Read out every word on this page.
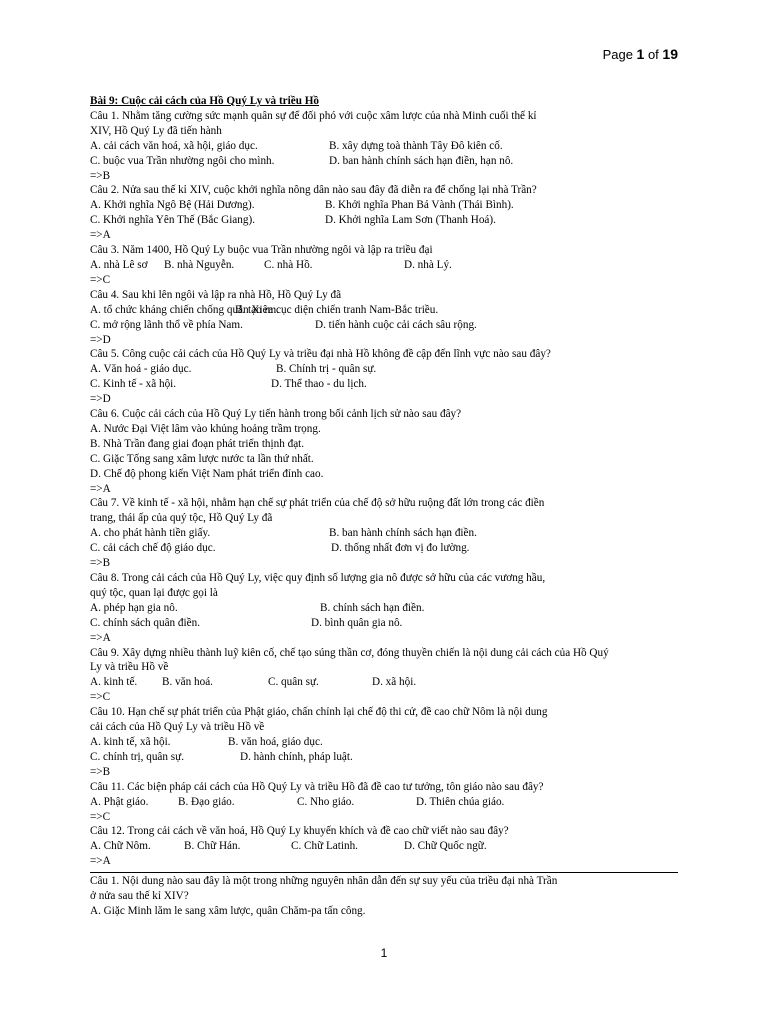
Page 1 of 19
Bài 9: Cuộc cải cách của Hồ Quý Ly và triều Hồ
Câu 1. Nhằm tăng cường sức mạnh quân sự để đối phó với cuộc xâm lược của nhà Minh cuối thế kỉ
XIV, Hồ Quý Ly đã tiến hành
A. cải cách văn hoá, xã hội, giáo dục.	B. xây dựng toà thành Tây Đô kiên cố.
C. buộc vua Trần nhường ngôi cho mình.	D. ban hành chính sách hạn điền, hạn nô.
=>B
Câu 2. Nửa sau thế kỉ XIV, cuộc khởi nghĩa nông dân nào sau đây đã diễn ra để chống lại nhà Trần?
A. Khởi nghĩa Ngô Bệ (Hải Dương).	B. Khởi nghĩa Phan Bá Vành (Thái Bình).
C. Khởi nghĩa Yên Thế (Bắc Giang).	D. Khởi nghĩa Lam Sơn (Thanh Hoá).
=>A
Câu 3. Năm 1400, Hồ Quý Ly buộc vua Trần nhường ngôi và lập ra triều đại
A. nhà Lê sơ B. nhà Nguyễn.	C. nhà Hồ.	D. nhà Lý.
=>C
Câu 4. Sau khi lên ngôi và lập ra nhà Hồ, Hồ Quý Ly đã
A. tổ chức kháng chiến chống quân Xiêm.B. tạo ra cục diện chiến tranh Nam-Bắc triều.
C. mở rộng lãnh thổ về phía Nam.	D. tiến hành cuộc cải cách sâu rộng.
=>D
Câu 5. Công cuộc cải cách của Hồ Quý Ly và triều đại nhà Hồ không đề cập đến lĩnh vực nào sau đây?
A. Văn hoá - giáo dục.	B. Chính trị - quân sự.
C. Kinh tế - xã hội.	D. Thể thao - du lịch.
=>D
Câu 6. Cuộc cải cách của Hồ Quý Ly tiến hành trong bối cảnh lịch sử nào sau đây?
A. Nước Đại Việt lâm vào khủng hoảng trầm trọng.
B. Nhà Trần đang giai đoạn phát triển thịnh đạt.
C. Giặc Tống sang xâm lược nước ta lần thứ nhất.
D. Chế độ phong kiến Việt Nam phát triển đỉnh cao.
=>A
Câu 7. Về kinh tế - xã hội, nhằm hạn chế sự phát triển của chế độ sở hữu ruộng đất lớn trong các điền
trang, thái ấp của quý tộc, Hồ Quý Ly đã
A. cho phát hành tiền giấy.	B. ban hành chính sách hạn điền.
C. cải cách chế độ giáo dục.	D. thống nhất đơn vị đo lường.
=>B
Câu 8. Trong cải cách của Hồ Quý Ly, việc quy định số lượng gia nô được sở hữu của các vương hầu,
quý tộc, quan lại được gọi là
A. phép hạn gia nô.	B. chính sách hạn điền.
C. chính sách quân điền.	D. bình quân gia nô.
=>A
Câu 9. Xây dựng nhiều thành luỹ kiên cố, chế tạo súng thần cơ, đóng thuyền chiến là nội dung cải cách của Hồ Quý
Ly và triều Hồ về
A. kinh tế. B. văn hoá.	C. quân sự.	D. xã hội.
=>C
Câu 10. Hạn chế sự phát triển của Phật giáo, chấn chỉnh lại chế độ thi cử, đề cao chữ Nôm là nội dung
cải cách của Hồ Quý Ly và triều Hồ về
A. kinh tế, xã hội.	B. văn hoá, giáo dục.
C. chính trị, quân sự.	D. hành chính, pháp luật.
=>B
Câu 11. Các biện pháp cải cách của Hồ Quý Ly và triều Hồ đã đề cao tư tưởng, tôn giáo nào sau đây?
A. Phật giáo.	B. Đạo giáo.	C. Nho giáo.	D. Thiên chúa giáo.
=>C
Câu 12. Trong cải cách về văn hoá, Hồ Quý Ly khuyến khích và đề cao chữ viết nào sau đây?
A. Chữ Nôm.	B. Chữ Hán.	C. Chữ Latinh.	D. Chữ Quốc ngữ.
=>A
Câu 1. Nội dung nào sau đây là một trong những nguyên nhân dẫn đến sự suy yếu của triều đại nhà Trần
ở nửa sau thế kỉ XIV?
A. Giặc Minh lăm le sang xâm lược, quân Chăm-pa tấn công.
1
